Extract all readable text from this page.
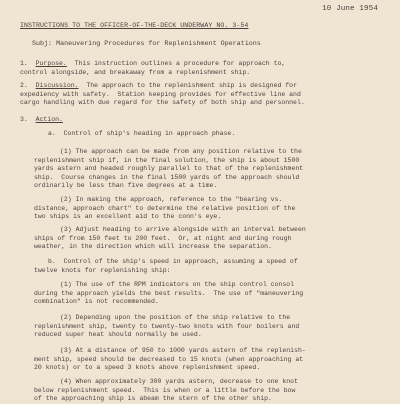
10 June 1954
INSTRUCTIONS TO THE OFFICER-OF-THE-DECK UNDERWAY NO. 3-54
Subj: Maneuvering Procedures for Replenishment Operations
1. Purpose.  This instruction outlines a procedure for approach to,
control alongside, and breakaway from a replenishment ship.
2. Discussion.  The approach to the replenishment ship is designed for
expediency with safety.  Station keeping provides for effective line and
cargo handling with due regard for the safety of both ship and personnel.
3. Action.
a.  Control of ship's heading in approach phase.
(1) The approach can be made from any position relative to the
replenishment ship if, in the final solution, the ship is about 1500
yards astern and headed roughly parallel to that of the replenishment
ship.  Course changes in the final 1500 yards of the approach should
ordinarily be less than five degrees at a time.
(2) In making the approach, reference to the "bearing vs.
distance, approach chart" to determine the relative position of the
two ships is an excellent aid to the conn's eye.
(3) Adjust heading to arrive alongside with an interval between
ships of from 150 feet to 200 feet.  Or, at night and during rough
weather, in the direction which will increase the separation.
b.  Control of the ship's speed in approach, assuming a speed of
twelve knots for replenishing ship:
(1) The use of the RPM indicators on the ship control consol
during the approach yields the best results.  The use of "maneuvering
combination" is not recommended.
(2) Depending upon the position of the ship relative to the
replenishment ship, twenty to twenty-two knots with four boilers and
reduced super heat should normally be used.
(3) At a distance of 950 to 1000 yards astern of the replenish-
ment ship, speed should be decreased to 15 knots (when approaching at
20 knots) or to a speed 3 knots above replenishment speed.
(4) When approximately 300 yards astern, decrease to one knot
below replenishment speed.  This is when or a little before the bow
of the approaching ship is abeam the stern of the other ship.
